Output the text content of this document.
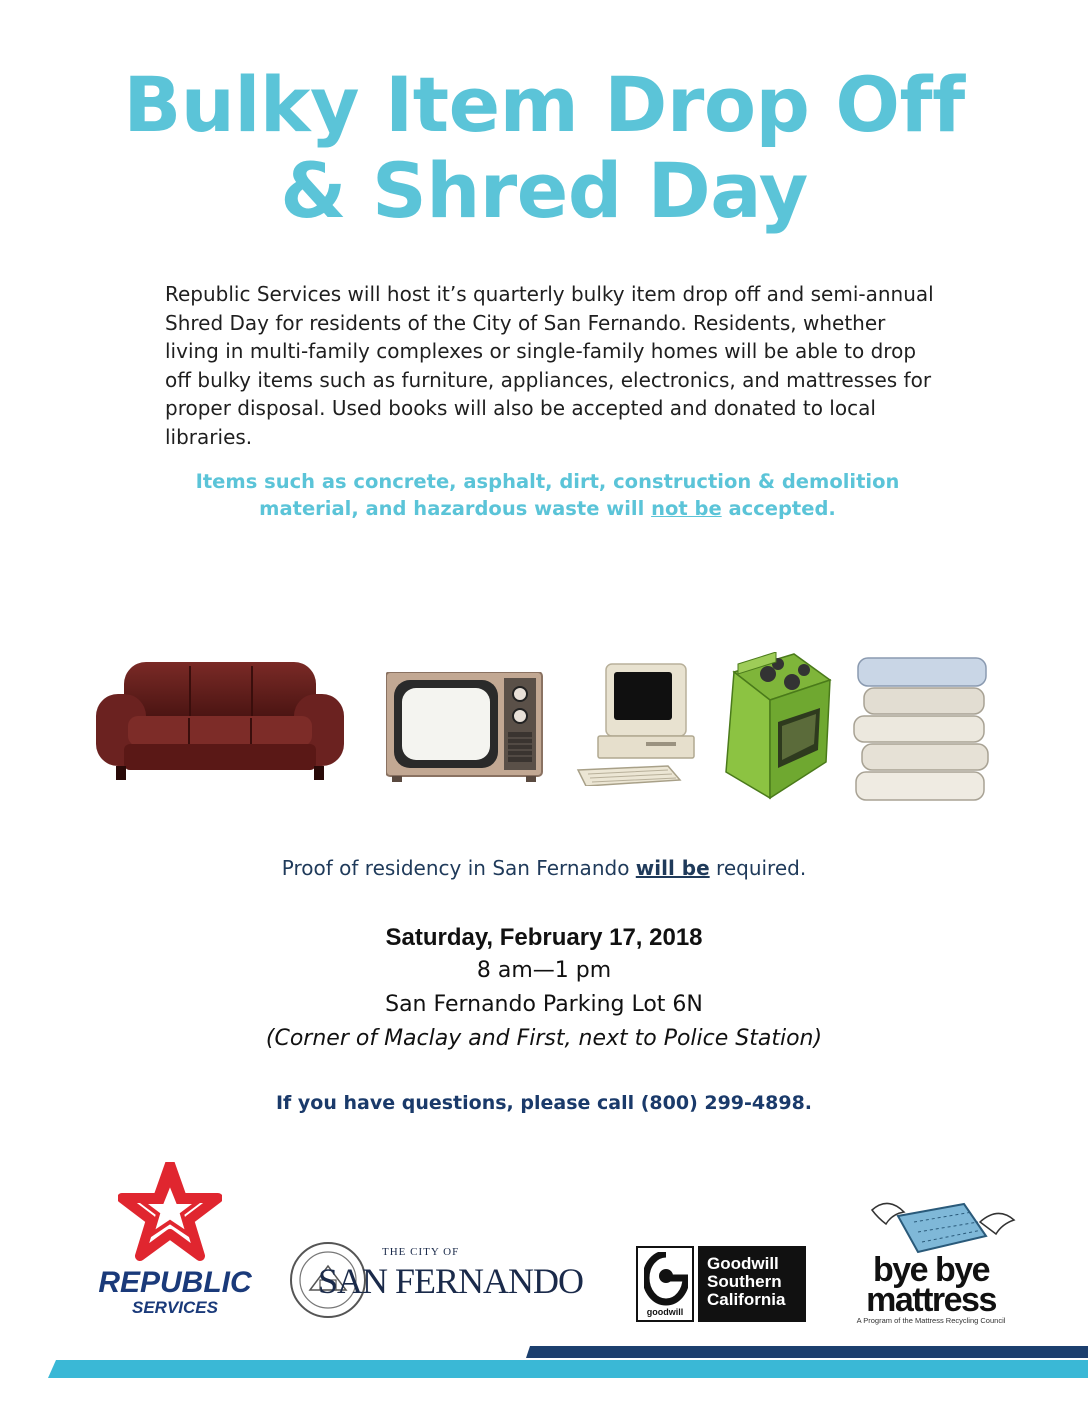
Bulky Item Drop Off
& Shred Day
Republic Services will host it’s quarterly bulky item drop off and semi-annual Shred Day for residents of the City of San Fernando. Residents, whether living in multi-family complexes or single-family homes will be able to drop off bulky items such as furniture, appliances, electronics, and mattresses for proper disposal. Used books will also be accepted and donated to local libraries.
Items such as concrete, asphalt, dirt, construction & demolition material, and hazardous waste will not be accepted.
Proof of residency in San Fernando will be required.
Saturday, February 17, 2018
8 am—1 pm
San Fernando Parking Lot 6N
(Corner of Maclay and First, next to Police Station)
If you have questions, please call (800) 299-4898.
REPUBLIC
SERVICES
THE CITY OF
SAN FERNANDO
goodwill
Goodwill
Southern
California
bye bye
mattress
A Program of the Mattress Recycling Council
